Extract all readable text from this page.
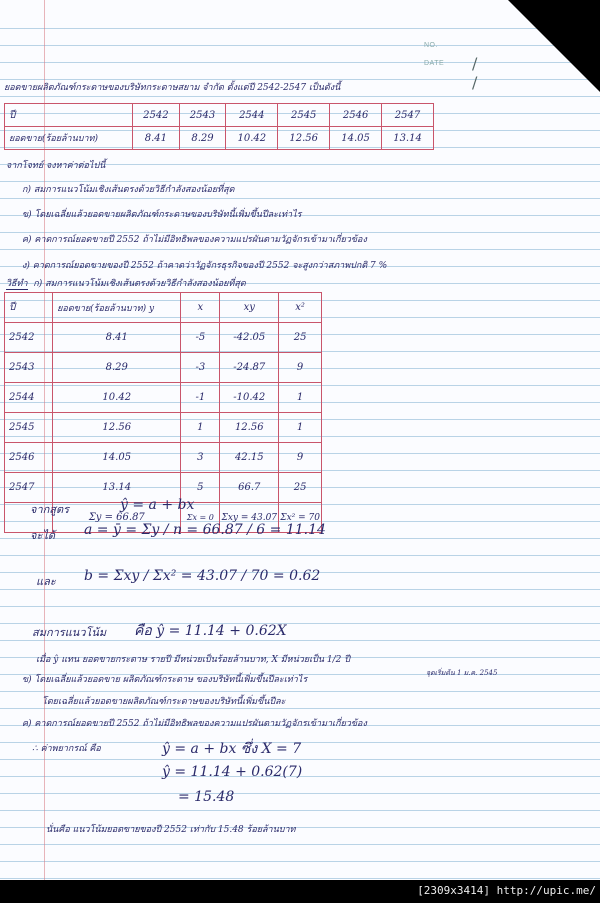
NO.
DATE / /
ยอดขายผลิตภัณฑ์กระดาษของบริษัทกระดาษสยาม จำกัด ตั้งแต่ปี 2542-2547 เป็นดังนี้
ปี	2542	2543	2544	2545	2546	2547
ยอดขาย(ร้อยล้านบาท)	8.41	8.29	10.42	12.56	14.05	13.14
จากโจทย์ จงหาค่าต่อไปนี้
ก) สมการแนวโน้มเชิงเส้นตรงด้วยวิธีกำลังสองน้อยที่สุด
ข) โดยเฉลี่ยแล้วยอดขายผลิตภัณฑ์กระดาษของบริษัทนี้เพิ่มขึ้นปีละเท่าไร
ค) คาดการณ์ยอดขายปี 2552 ถ้าไม่มีอิทธิพลของความแปรผันตามวัฏจักรเข้ามาเกี่ยวข้อง
ง) คาดการณ์ยอดขายของปี 2552 ถ้าคาดว่าวัฏจักรธุรกิจของปี 2552 จะสูงกว่าสภาพปกติ 7 %
วิธีทำ ก) สมการแนวโน้มเชิงเส้นตรงด้วยวิธีกำลังสองน้อยที่สุด
ปี	ยอดขาย(ร้อยล้านบาท) y	x	xy	x²
2542	8.41	-5	-42.05	25
2543	8.29	-3	-24.87	9
2544	10.42	-1	-10.42	1
2545	12.56	1	12.56	1
2546	14.05	3	42.15	9
2547	13.14	5	66.7	25
	Σy = 66.87	Σx = 0	Σxy = 43.07	Σx² = 70
จากสูตร	ŷ = a + bx
จะได้ a = ȳ = Σy / n = 66.87 / 6 = 11.14
และ b = Σxy / Σx² = 43.07 / 70 = 0.62
สมการแนวโน้ม คือ ŷ = 11.14 + 0.62X
เมื่อ ŷ แทน ยอดขายกระดาษ รายปี มีหน่วยเป็นร้อยล้านบาท, X มีหน่วยเป็น 1/2 ปี
จุดเริ่มต้น 1 ม.ค. 2545
ข) โดยเฉลี่ยแล้วยอดขาย ผลิตภัณฑ์กระดาษ ของบริษัทนี้เพิ่มขึ้นปีละเท่าไร
โดยเฉลี่ยแล้วยอดขายผลิตภัณฑ์กระดาษของบริษัทนี้เพิ่มขึ้นปีละ
ค) คาดการณ์ยอดขายปี 2552 ถ้าไม่มีอิทธิพลของความแปรผันตามวัฏจักรเข้ามาเกี่ยวข้อง
∴ ค่าพยากรณ์ คือ	ŷ = a + bx ซึ่ง X = 7
ŷ = 11.14 + 0.62(7)
= 15.48
นั่นคือ แนวโน้มยอดขายของปี 2552 เท่ากับ 15.48 ร้อยล้านบาท
[2309x3414] http://upic.me/
